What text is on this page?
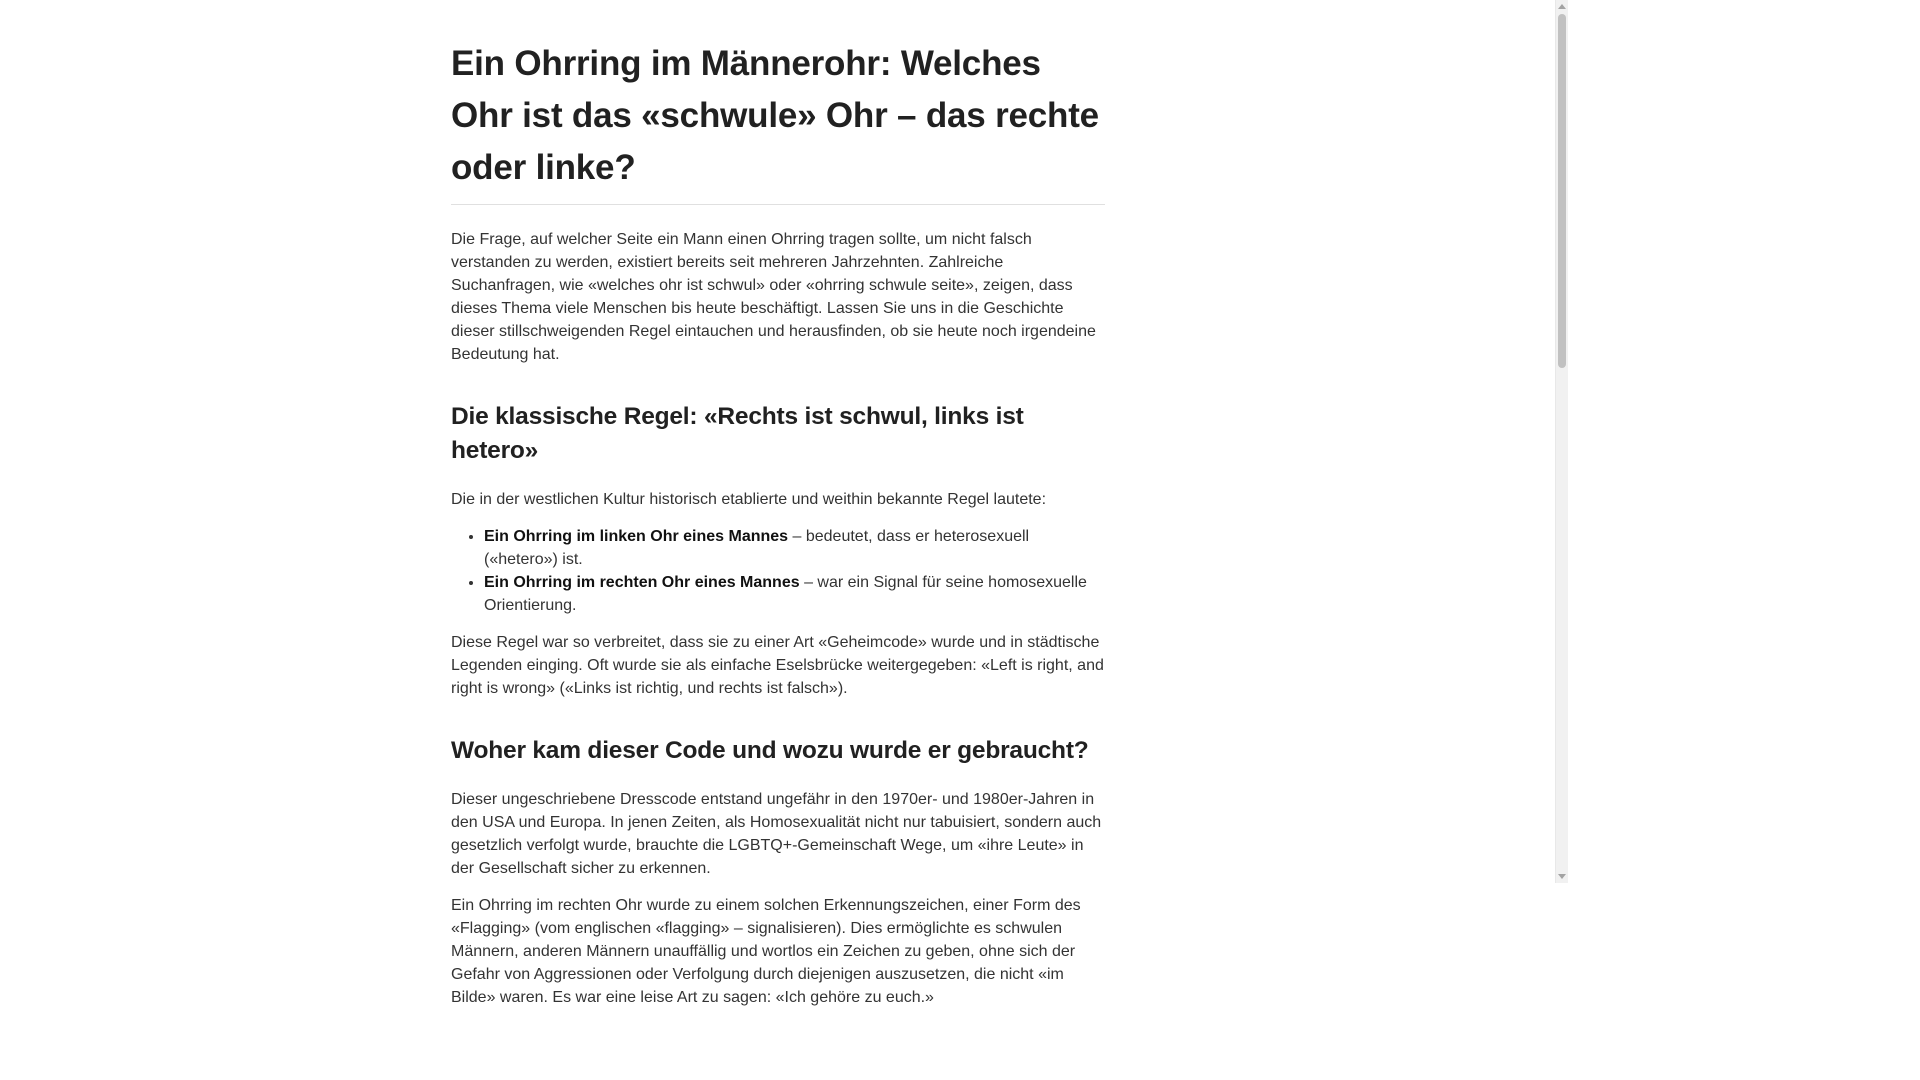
Ein Ohrring im Männerohr: Welches Ohr ist das «schwule» Ohr – das rechte oder linke?

Die Frage, auf welcher Seite ein Mann einen Ohrring tragen sollte, um nicht falsch verstanden zu werden, existiert bereits seit mehreren Jahrzehnten. Zahlreiche Suchanfragen, wie «welches ohr ist schwul» oder «ohrring schwule seite», zeigen, dass dieses Thema viele Menschen bis heute beschäftigt. Lassen Sie uns in die Geschichte dieser stillschweigenden Regel eintauchen und herausfinden, ob sie heute noch irgendeine Bedeutung hat.

Die klassische Regel: «Rechts ist schwul, links ist hetero»

Die in der westlichen Kultur historisch etablierte und weithin bekannte Regel lautete:

• Ein Ohrring im linken Ohr eines Mannes – bedeutet, dass er heterosexuell («hetero») ist.
• Ein Ohrring im rechten Ohr eines Mannes – war ein Signal für seine homosexuelle Orientierung.

Diese Regel war so verbreitet, dass sie zu einer Art «Geheimcode» wurde und in städtische Legenden einging. Oft wurde sie als einfache Eselsbrücke weitergegeben: «Left is right, and right is wrong» («Links ist richtig, und rechts ist falsch»).

Woher kam dieser Code und wozu wurde er gebraucht?

Dieser ungeschriebene Dresscode entstand ungefähr in den 1970er- und 1980er-Jahren in den USA und Europa. In jenen Zeiten, als Homosexualität nicht nur tabuisiert, sondern auch gesetzlich verfolgt wurde, brauchte die LGBTQ+-Gemeinschaft Wege, um «ihre Leute» in der Gesellschaft sicher zu erkennen.

Ein Ohrring im rechten Ohr wurde zu einem solchen Erkennungszeichen, einer Form des «Flagging» (vom englischen «flagging» – signalisieren). Dies ermöglichte es schwulen Männern, anderen Männern unauffällig und wortlos ein Zeichen zu geben, ohne sich der Gefahr von Aggressionen oder Verfolgung durch diejenigen auszusetzen, die nicht «im Bilde» waren. Es war eine leise Art zu sagen: «Ich gehöre zu euch.»
